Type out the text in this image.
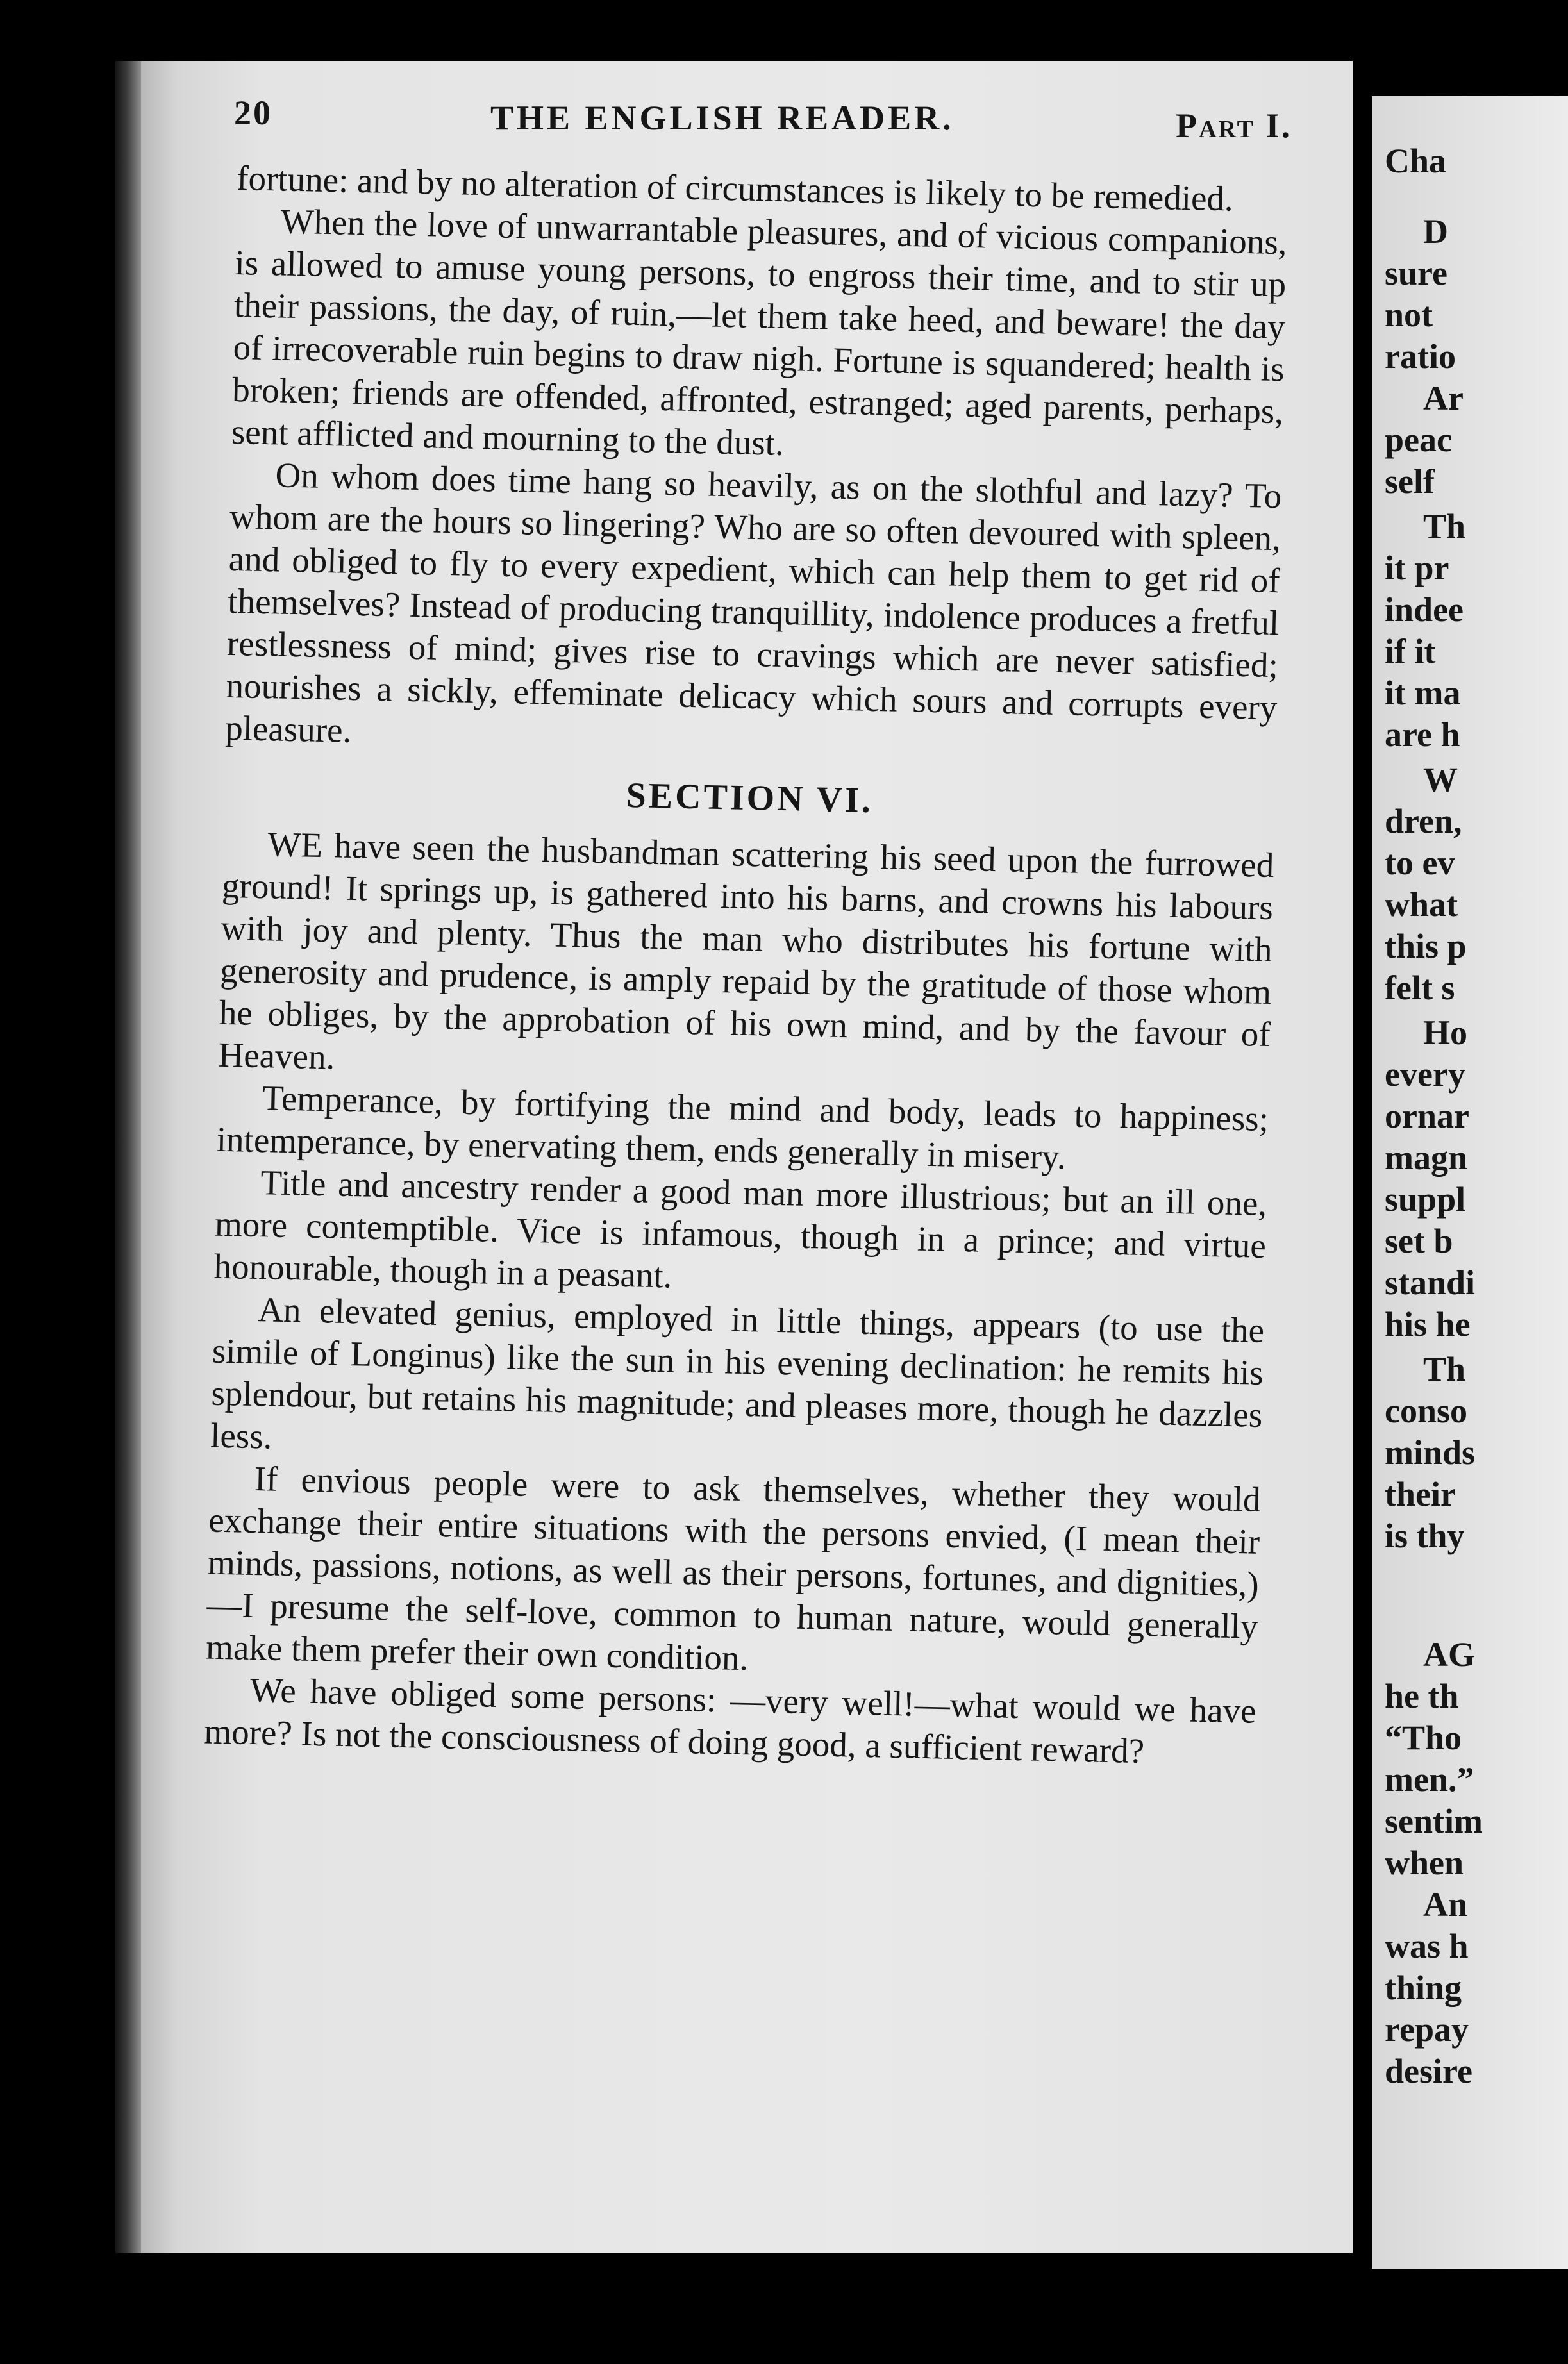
20	THE ENGLISH READER.	Part I.

fortune: and by no alteration of circumstances is likely to be remedied.

When the love of unwarrantable pleasures, and of vicious companions, is allowed to amuse young persons, to engross their time, and to stir up their passions, the day, of ruin,—let them take heed, and beware! the day of irrecoverable ruin begins to draw nigh. Fortune is squandered; health is broken; friends are offended, affronted, estranged; aged parents, perhaps, sent afflicted and mourning to the dust.

On whom does time hang so heavily, as on the slothful and lazy? To whom are the hours so lingering? Who are so often devoured with spleen, and obliged to fly to every expedient, which can help them to get rid of themselves? Instead of producing tranquillity, indolence produces a fretful restlessness of mind; gives rise to cravings which are never satisfied; nourishes a sickly, effeminate delicacy which sours and corrupts every pleasure.

SECTION VI.

WE have seen the husbandman scattering his seed upon the furrowed ground! It springs up, is gathered into his barns, and crowns his labours with joy and plenty. Thus the man who distributes his fortune with generosity and prudence, is amply repaid by the gratitude of those whom he obliges, by the approbation of his own mind, and by the favour of Heaven.

Temperance, by fortifying the mind and body, leads to happiness; intemperance, by enervating them, ends generally in misery.

Title and ancestry render a good man more illustrious; but an ill one, more contemptible. Vice is infamous, though in a prince; and virtue honourable, though in a peasant.

An elevated genius, employed in little things, appears (to use the simile of Longinus) like the sun in his evening declination: he remits his splendour, but retains his magnitude; and pleases more, though he dazzles less.

If envious people were to ask themselves, whether they would exchange their entire situations with the persons envied, (I mean their minds, passions, notions, as well as their persons, fortunes, and dignities,)—I presume the self-love, common to human nature, would generally make them prefer their own condition.

We have obliged some persons: —very well!—what would we have more? Is not the consciousness of doing good, a sufficient reward?

Cha
D
sure
not
ratio
Ar
peac
self
Th
it pr
indee
if it
it ma
are h
W
dren,
to ev
what
this p
felt s
Ho
every
ornar
magn
suppl
set b
standi
his he
Th
conso
minds
their
is thy
AG
he th
“Tho
men.”
sentim
when
An
was h
thing
repay
desire
